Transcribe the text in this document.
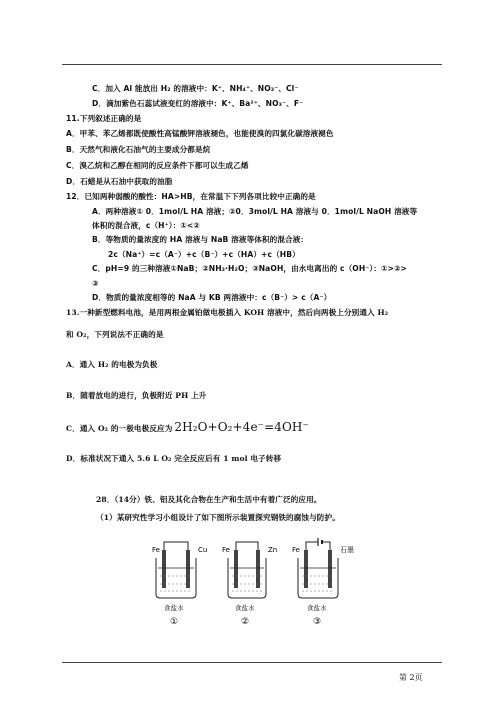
C．加入 Al 能放出 H₂ 的溶液中：K⁺、NH₄⁺、NO₃⁻、Cl⁻
D．滴加紫色石蕊试液变红的溶液中：K⁺、Ba²⁺、NO₃⁻、F⁻
11.下列叙述正确的是
A．甲苯、苯乙烯都既使酸性高锰酸钾溶液褪色，也能使溴的四氯化碳溶液褪色
B．天然气和液化石油气的主要成分都是烷
C．溴乙烷和乙醇在相同的反应条件下都可以生成乙烯
D．石蜡是从石油中获取的油脂
12．已知两种弱酸的酸性：HA>HB，在常温下下列各项比较中正确的是
A．两种溶液① 0．1mol/L HA 溶液；②0．3mol/L HA 溶液与 0．1mol/L NaOH 溶液等
体积的混合液，c（H⁺）：①<②
B．等物质的量浓度的 HA 溶液与 NaB 溶液等体积的混合液：
2c（Na⁺）=c（A⁻）+c（B⁻）+c（HA）+c（HB）
C．pH=9 的三种溶液①NaB；②NH₃·H₂O；③NaOH，由水电离出的 c（OH⁻）：①>②>
③
D．物质的量浓度相等的 NaA 与 KB 两溶液中：c（B⁻）> c（A⁻）
13.一种新型燃料电池，是用两根金属铂做电极插入 KOH 溶液中，然后向两极上分别通入 H₂
和 O₂，下列说法不正确的是
A．通入 H₂ 的电极为负极
B．随着放电的进行，负极附近 PH 上升
C．通入 O₂ 的一极电极反应为 2H₂O+O₂+4e⁻=4OH⁻
D．标准状况下通入 5.6 L O₂ 完全反应后有 1 mol 电子转移
28．（14分）铁、铝及其化合物在生产和生活中有着广泛的应用。
（1）某研究性学习小组设计了如下图所示装置探究钢铁的腐蚀与防护。
Fe	Cu
食盐水
①
Fe	Zn
食盐水
②
Fe	石墨
食盐水
③
第 2页
